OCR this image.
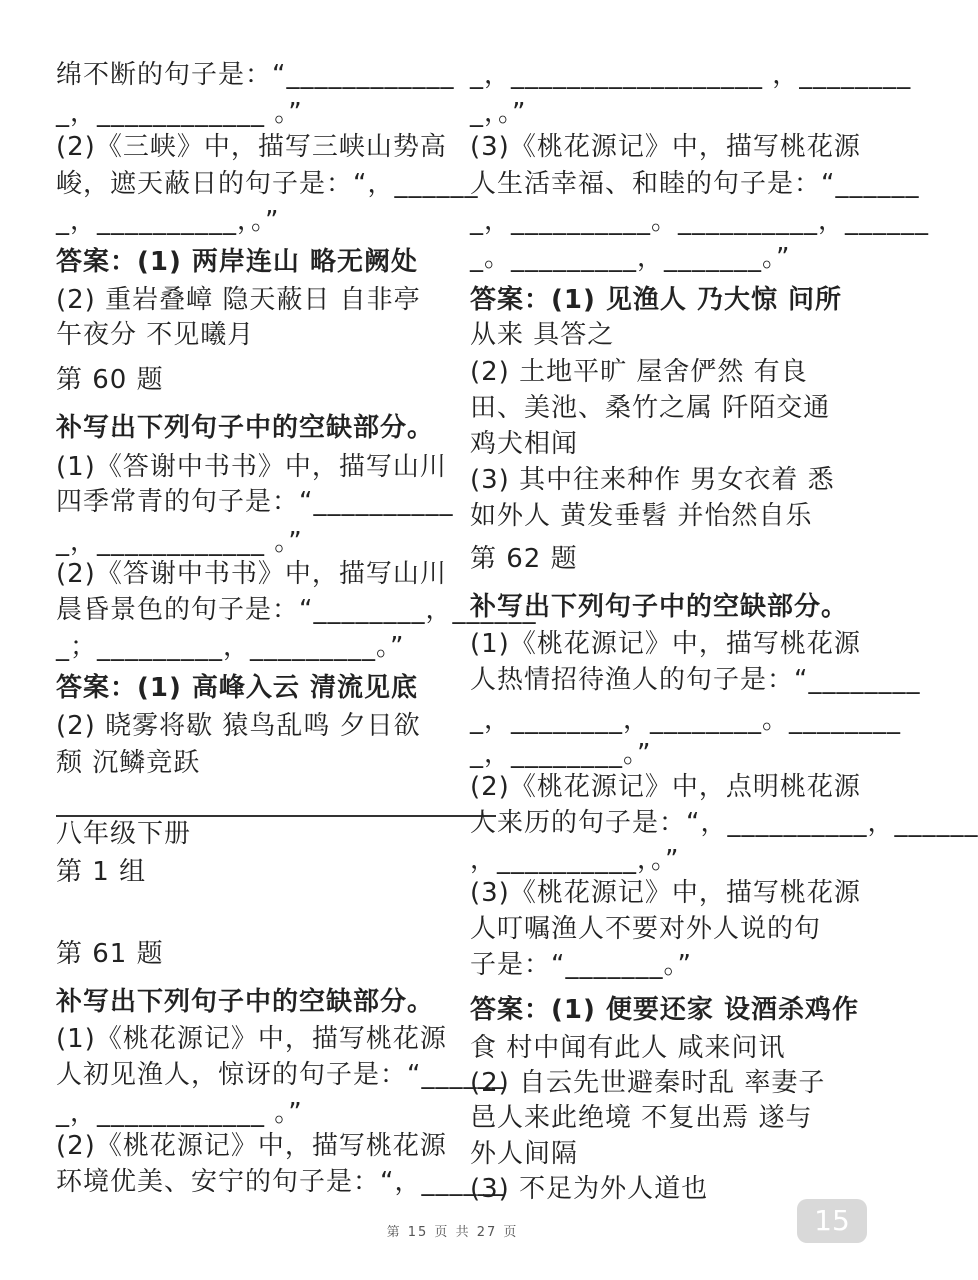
绵不断的句子是：“____________
_，____________ 。”
(2)《三峡》中，描写三峡山势高
峻，遮天蔽日的句子是：“，______
_，__________，。”
答案：(1) 两岸连山 略无阙处
(2) 重岩叠嶂 隐天蔽日 自非亭
午夜分 不见曦月
第 60 题
补写出下列句子中的空缺部分。
(1)《答谢中书书》中，描写山川
四季常青的句子是：“__________
_，____________ 。”
(2)《答谢中书书》中，描写山川
晨昏景色的句子是：“________，______
_；_________，_________。”
答案：(1) 高峰入云 清流见底
(2) 晓雾将歇 猿鸟乱鸣 夕日欲
颓 沉鳞竞跃
八年级下册
第 1 组
第 61 题
补写出下列句子中的空缺部分。
(1)《桃花源记》中，描写桃花源
人初见渔人，惊讶的句子是：“______
_，____________ 。”
(2)《桃花源记》中，描写桃花源
环境优美、安宁的句子是：“，______
_，__________________ ，________
_，。”
(3)《桃花源记》中，描写桃花源
人生活幸福、和睦的句子是：“______
_，__________。__________，______
_。_________，_______。”
答案：(1) 见渔人 乃大惊 问所
从来 具答之
(2) 土地平旷 屋舍俨然 有良
田、美池、桑竹之属 阡陌交通
鸡犬相闻
(3) 其中往来种作 男女衣着 悉
如外人 黄发垂髫 并怡然自乐
第 62 题
补写出下列句子中的空缺部分。
(1)《桃花源记》中，描写桃花源
人热情招待渔人的句子是：“________
_，________，________。________
_，________。”
(2)《桃花源记》中，点明桃花源
人来历的句子是：“，__________，______
，__________，。”
(3)《桃花源记》中，描写桃花源
人叮嘱渔人不要对外人说的句
子是：“_______。”
答案：(1) 便要还家 设酒杀鸡作
食 村中闻有此人 咸来问讯
(2) 自云先世避秦时乱 率妻子
邑人来此绝境 不复出焉 遂与
外人间隔
(3) 不足为外人道也
第 15 页 共 27 页	15
